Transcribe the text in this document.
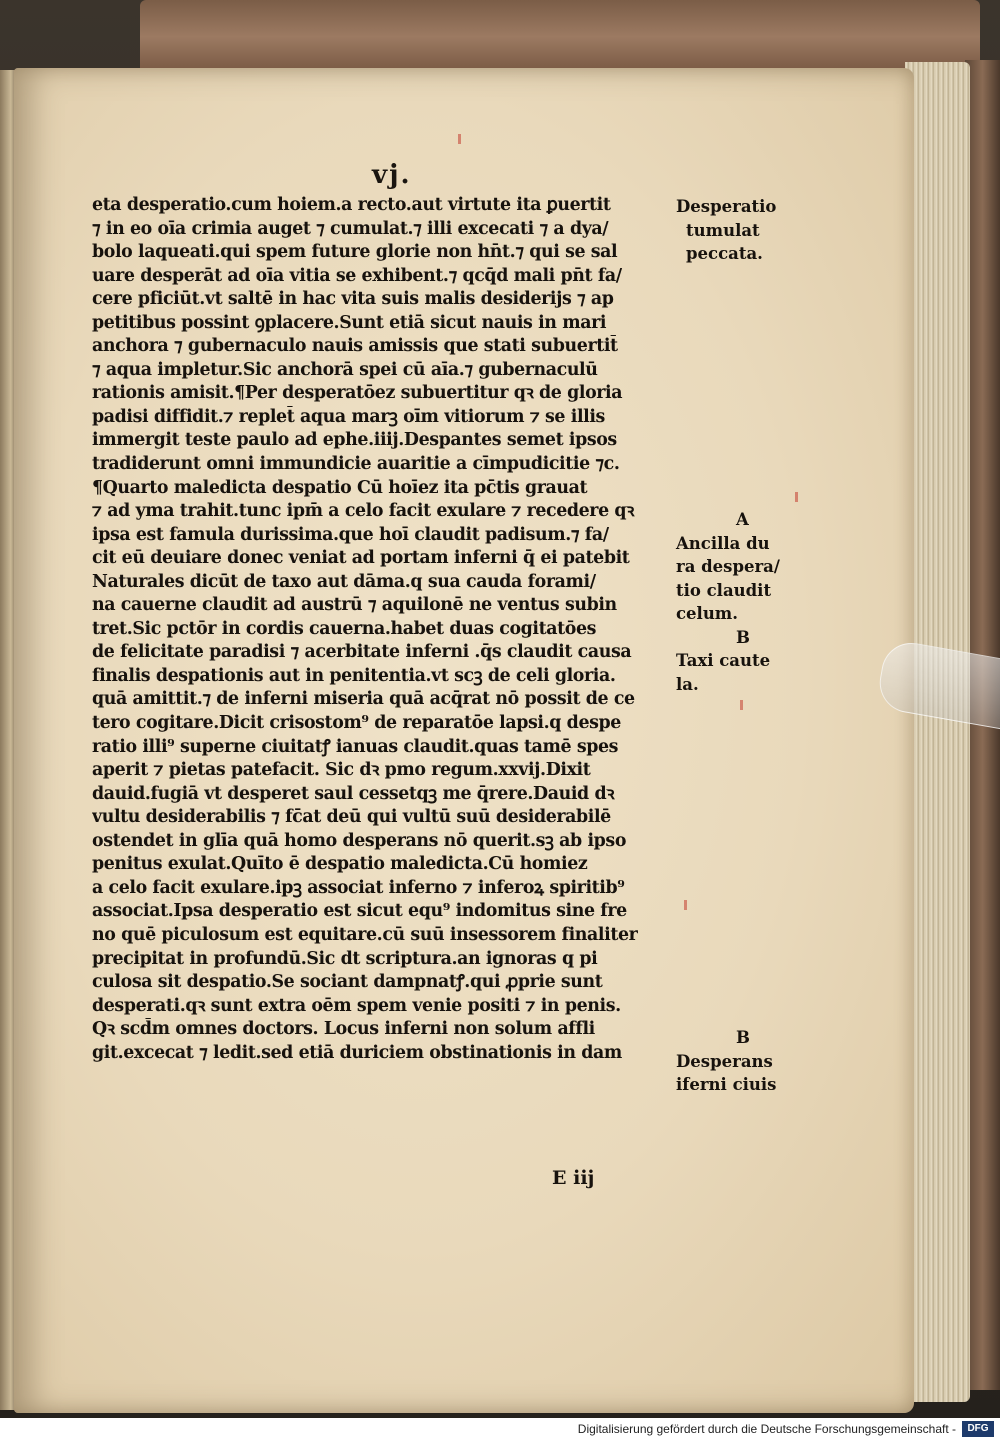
vj.
eta desperatio.cum hoiem.a recto.aut virtute ita ꝑuertit
⁊ in eo oīa crimia auget ⁊ cumulat.⁊ illi excecati ⁊ a dya/
bolo laqueati.qui spem future glorie non hn̄t.⁊ qui se sal
uare desperāt ad oīa vitia se exhibent.⁊ qcq̄d mali pn̄t fa/
cere pficiūt.vt saltē in hac vita suis malis desiderijs ⁊ ap
petitibus possint ꝯplacere.Sunt etiā sicut nauis in mari
anchora ⁊ gubernaculo nauis amissis que stati subuertit̄
⁊ aqua impletur.Sic anchorā spei cū aīa.⁊ gubernaculū
rationis amisit.¶Per desperatōez subuertitur qꝛ de gloria
padisi diffidit.⁊ replet̄ aqua marꝫ oīm vitiorum ⁊ se illis
immergit teste paulo ad ephe.iiij.Despantes semet ipsos
tradiderunt omni immundicie auaritie a cīmpudicitie ⁊c.
¶Quarto maledicta despatio Cū hoīez ita pc̄tis grauat
⁊ ad yma trahit.tunc ipm̄ a celo facit exulare ⁊ recedere qꝛ
ipsa est famula durissima.que hoī claudit padisum.⁊ fa/
cit eū deuiare donec veniat ad portam inferni q̄ ei patebit
Naturales dicūt de taxo aut dāma.q sua cauda forami/
na cauerne claudit ad austrū ⁊ aquilonē ne ventus subin
tret.Sic pctōr in cordis cauerna.habet duas cogitatōes
de felicitate paradisi ⁊ acerbitate inferni .q̄s claudit causa
finalis despationis aut in penitentia.vt scꝫ de celi gloria.
quā amittit.⁊ de inferni miseria quā acq̄rat nō possit de ce
tero cogitare.Dicit crisostom⁹ de reparatōe lapsi.q despe
ratio illi⁹ superne ciuitatꝭ ianuas claudit.quas tamē spes
aperit ⁊ pietas patefacit. Sic dꝛ pmo regum.xxvij.Dixit
dauid.fugiā vt desperet saul cessetqꝫ me q̄rere.Dauid dꝛ
vultu desiderabilis ⁊ fc̄at deū qui vultū suū desiderabilē
ostendet in glīa quā homo desperans nō querit.sꝫ ab ipso
penitus exulat.Quīto ē despatio maledicta.Cū homiez
a celo facit exulare.ipꝫ associat inferno ⁊ inferoꝝ spiritib⁹
associat.Ipsa desperatio est sicut equ⁹ indomitus sine fre
no quē piculosum est equitare.cū suū insessorem finaliter
precipitat in profundū.Sic dt scriptura.an ignoras q pi
culosa sit despatio.Se sociant dampnatꝭ.qui ꝓprie sunt
desperati.qꝛ sunt extra oēm spem venie positi ⁊ in penis.
Qꝛ scd̄m omnes doctors. Locus inferni non solum affli
git.excecat ⁊ ledit.sed etiā duriciem obstinationis in dam
E iij
Desperatio
tumulat
peccata.
A
Ancilla du
ra despera/
tio claudit
celum.
B
Taxi caute
la.
B
Desperans
iferni ciuis
Digitalisierung gefördert durch die Deutsche Forschungsgemeinschaft -	DFG
